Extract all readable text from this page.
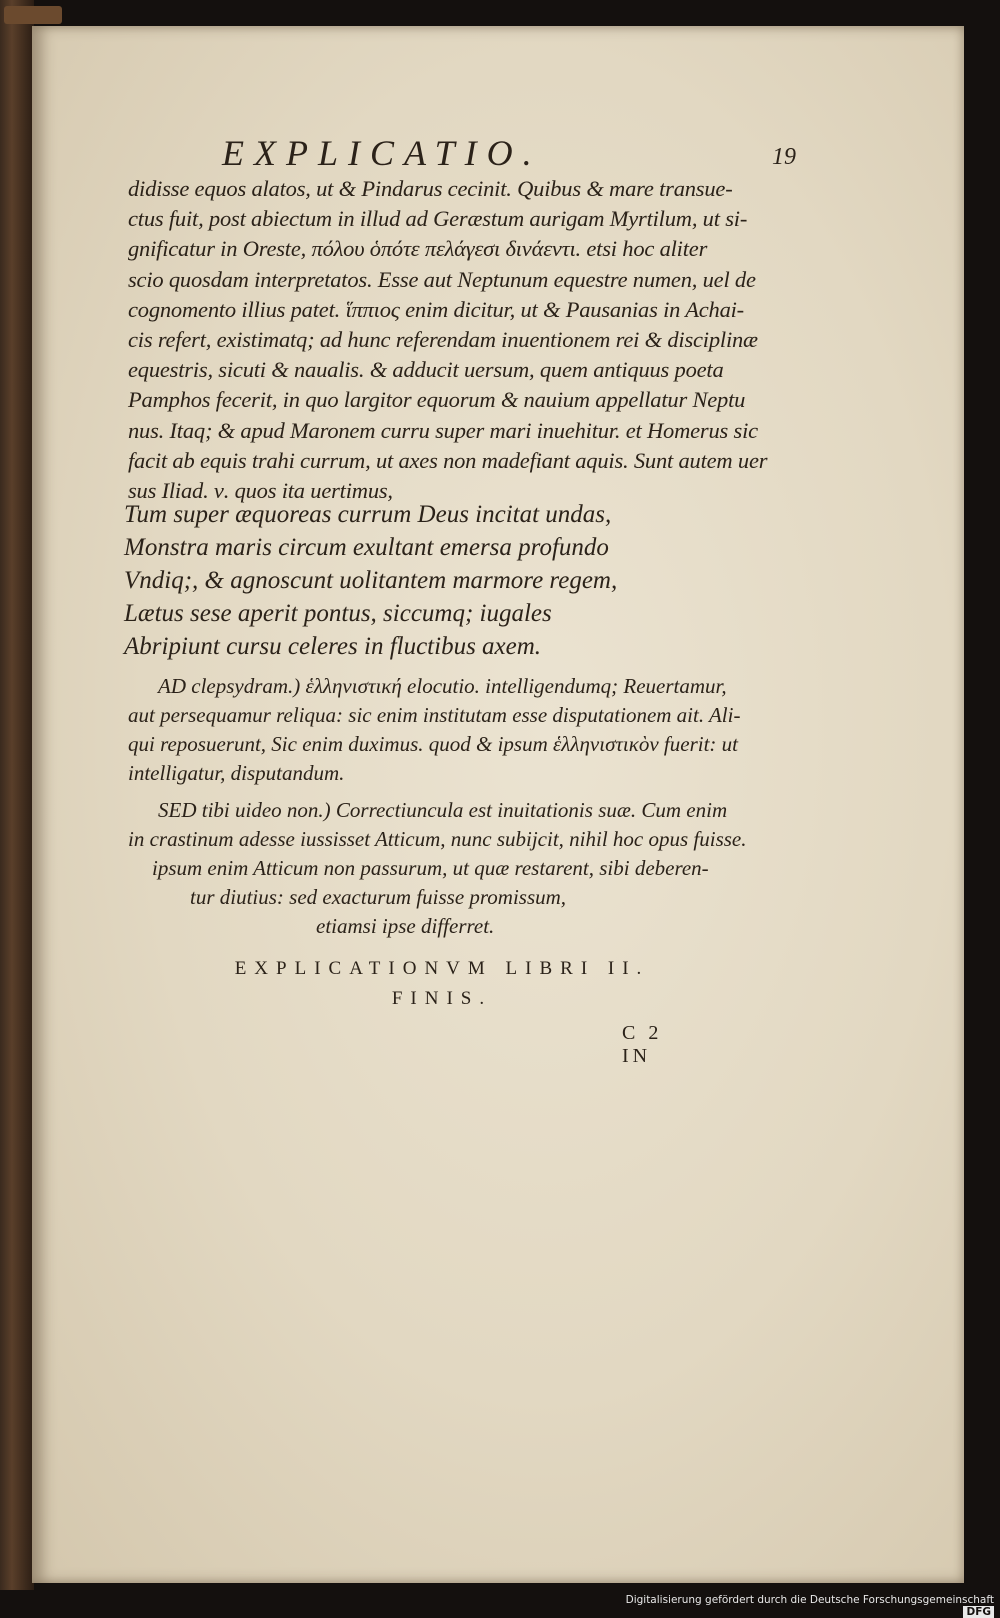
EXPLICATIO.	19
didisse equos alatos, ut & Pindarus cecinit. Quibus & mare transue-
ctus fuit, post abiectum in illud ad Geræstum aurigam Myrtilum, ut si-
gnificatur in Oreste, πόλου ὁπότε πελάγεσι δινάεντι. etsi hoc aliter
scio quosdam interpretatos. Esse aut Neptunum equestre numen, uel de
cognomento illius patet. ἵππιος enim dicitur, ut & Pausanias in Achai-
cis refert, existimatq; ad hunc referendam inuentionem rei & disciplinæ
equestris, sicuti & naualis. & adducit uersum, quem antiquus poeta
Pamphos fecerit, in quo largitor equorum & nauium appellatur Neptu
nus. Itaq; & apud Maronem curru super mari inuehitur. et Homerus sic
facit ab equis trahi currum, ut axes non madefiant aquis. Sunt autem uer
sus Iliad. ν. quos ita uertimus,
Tum super æquoreas currum Deus incitat undas,
Monstra maris circum exultant emersa profundo
Vndiq;, & agnoscunt uolitantem marmore regem,
Lætus sese aperit pontus, siccumq; iugales
Abripiunt cursu celeres in fluctibus axem.
AD clepsydram.) ἑλληνιστική elocutio. intelligendumq; Reuertamur,
aut persequamur reliqua: sic enim institutam esse disputationem ait. Ali-
qui reposuerunt, Sic enim duximus. quod & ipsum ἑλληνιστικὸν fuerit: ut
intelligatur, disputandum.
SED tibi uideo non.) Correctiuncula est inuitationis suæ. Cum enim
in crastinum adesse iussisset Atticum, nunc subijcit, nihil hoc opus fuisse.
ipsum enim Atticum non passurum, ut quæ restarent, sibi deberen-
tur diutius: sed exacturum fuisse promissum,
etiamsi ipse differret.
EXPLICATIONVM LIBRI II.
FINIS.
C 2 IN
Digitalisierung gefördert durch die Deutsche Forschungsgemeinschaft DFG
